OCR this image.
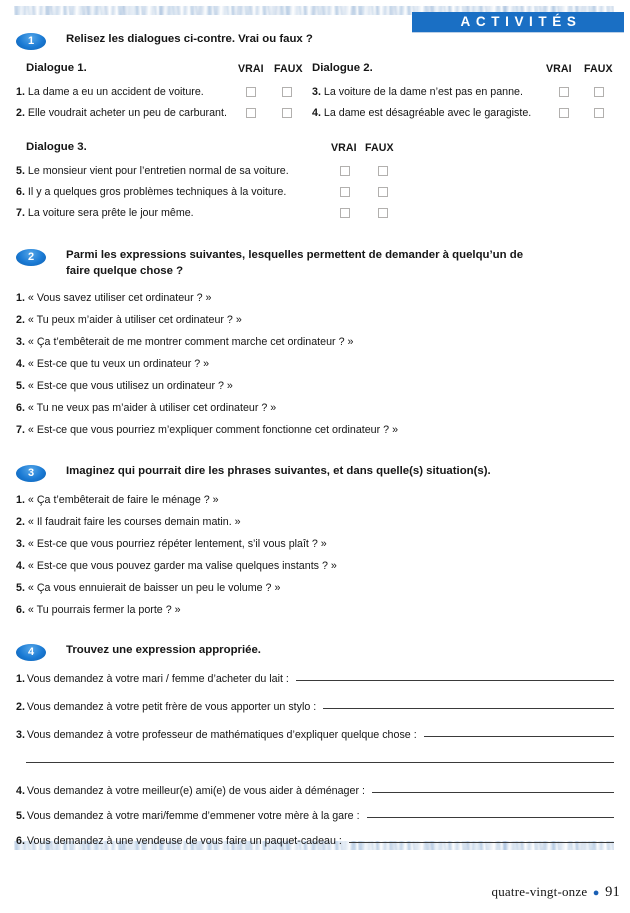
ACTIVITÉS
1	Relisez les dialogues ci-contre. Vrai ou faux ?
Dialogue 1.	VRAI FAUX
1. La dame a eu un accident de voiture.
2. Elle voudrait acheter un peu de carburant.
Dialogue 2.	VRAI FAUX
3. La voiture de la dame n’est pas en panne.
4. La dame est désagréable avec le garagiste.
Dialogue 3.	VRAI FAUX
5. Le monsieur vient pour l’entretien normal de sa voiture.
6. Il y a quelques gros problèmes techniques à la voiture.
7. La voiture sera prête le jour même.
2	Parmi les expressions suivantes, lesquelles permettent de demander à quelqu’un de faire quelque chose ?
1. « Vous savez utiliser cet ordinateur ? »
2. « Tu peux m’aider à utiliser cet ordinateur ? »
3. « Ça t’embêterait de me montrer comment marche cet ordinateur ? »
4. « Est-ce que tu veux un ordinateur ? »
5. « Est-ce que vous utilisez un ordinateur ? »
6. « Tu ne veux pas m’aider à utiliser cet ordinateur ? »
7. « Est-ce que vous pourriez m’expliquer comment fonctionne cet ordinateur ? »
3	Imaginez qui pourrait dire les phrases suivantes, et dans quelle(s) situation(s).
1. « Ça t’embêterait de faire le ménage ? »
2. « Il faudrait faire les courses demain matin. »
3. « Est-ce que vous pourriez répéter lentement, s’il vous plaît ? »
4. « Est-ce que vous pouvez garder ma valise quelques instants ? »
5. « Ça vous ennuierait de baisser un peu le volume ? »
6. « Tu pourrais fermer la porte ? »
4	Trouvez une expression appropriée.
1. Vous demandez à votre mari / femme d’acheter du lait :
2. Vous demandez à votre petit frère de vous apporter un stylo :
3. Vous demandez à votre professeur de mathématiques d’expliquer quelque chose :
4. Vous demandez à votre meilleur(e) ami(e) de vous aider à déménager :
5. Vous demandez à votre mari/femme d’emmener votre mère à la gare :
6. Vous demandez à une vendeuse de vous faire un paquet-cadeau :
quatre-vingt-onze ● 91
